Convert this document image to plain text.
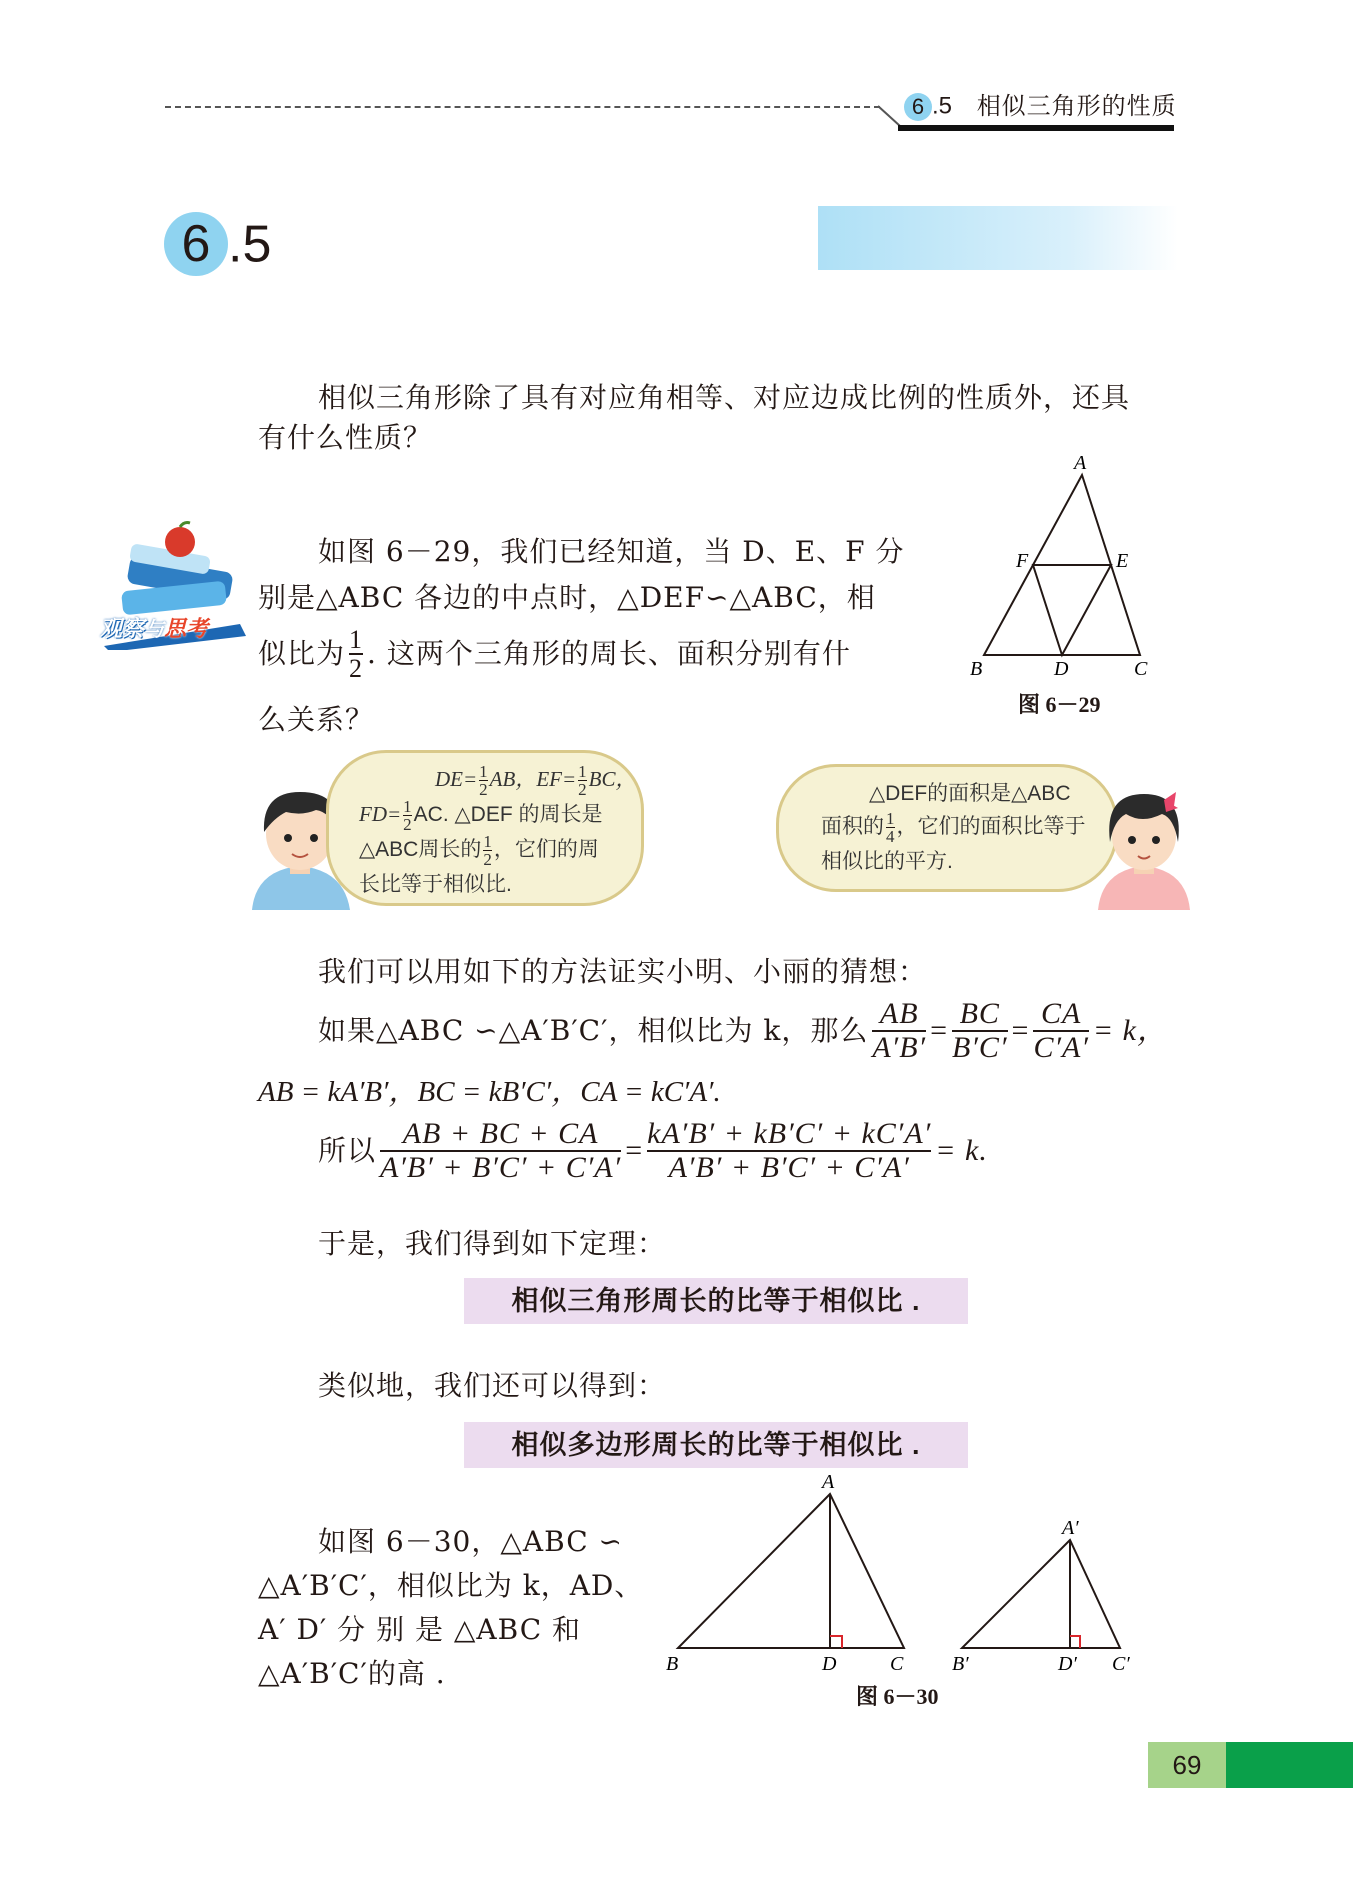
6 .5 相似三角形的性质
6 .5
相似三角形除了具有对应角相等、对应边成比例的性质外，还具
有什么性质？
观察与思考
如图 6－29，我们已经知道，当 D、E、F 分
别是△ABC 各边的中点时，△DEF∽△ABC，相
似比为 $\frac{1}{2}$ . 这两个三角形的周长、面积分别有什
么关系？
A
B	C
D
E
F
图 6－29
$DE= \frac{1}{2}$ AB，$EF= \frac{1}{2}$ BC，
$FD= \frac{1}{2}$ AC. △DEF 的周长是
△ABC周长的 $\frac{1}{2}$ ，它们的周
长比等于相似比.
△DEF的面积是△ABC
面积的 $\frac{1}{4}$ ，它们的面积比等于
相似比的平方.
我们可以用如下的方法证实小明、小丽的猜想：
如果△ABC ∽△A′B′C′，相似比为 k，那么 $\frac{AB}{A'B'} = \frac{BC}{B'C'} = \frac{CA}{C'A'} = k$，
AB = kA′B′，BC = kB′C′，CA = kC′A′.
所以 $\frac{AB + BC + CA}{A'B' + B'C' + C'A'} = \frac{kA'B' + kB'C' + kC'A'}{A'B' + B'C' + C'A'} = k$.
于是，我们得到如下定理：
相似三角形周长的比等于相似比 .
类似地，我们还可以得到：
相似多边形周长的比等于相似比 .
如图 6－30，△ABC ∽
△A′B′C′，相似比为 k，AD、
A′ D′ 分 别 是 △ABC 和
△A′B′C′的高 .
A
B	D	C
A′
B′	D′ C′
图 6－30
69
